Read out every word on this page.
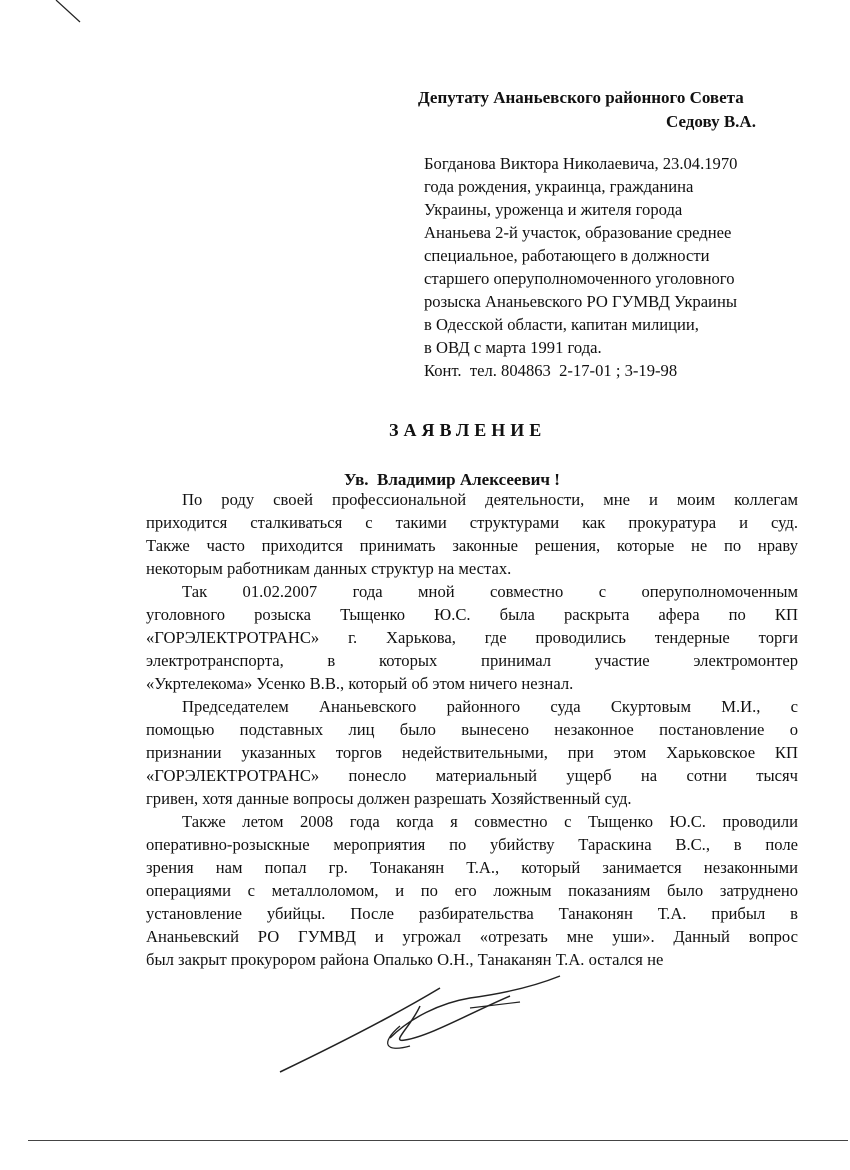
Депутату Ананьевского районного Совета
Седову В.А.
Богданова Виктора Николаевича, 23.04.1970
года рождения, украинца, гражданина
Украины, уроженца и жителя города
Ананьева 2-й участок, образование среднее
специальное, работающего в должности
старшего оперуполномоченного уголовного
розыска Ананьевского РО ГУМВД Украины
в Одесской области, капитан милиции,
в ОВД с марта 1991 года.
Конт.  тел. 804863  2-17-01 ; 3-19-98
ЗАЯВЛЕНИЕ
Ув.  Владимир Алексеевич !

По роду своей профессиональной деятельности, мне и моим коллегам
приходится сталкиваться с такими структурами как прокуратура и суд.
Также часто приходится принимать законные решения, которые не по нраву
некоторым работникам данных структур на местах.

Так 01.02.2007 года мной совместно с оперуполномоченным
уголовного розыска Тыщенко Ю.С. была раскрыта афера по КП
«ГОРЭЛЕКТРОТРАНС» г. Харькова, где проводились тендерные торги
электротранспорта, в которых принимал участие электромонтер
«Укртелекома» Усенко В.В., который об этом ничего незнал.

Председателем Ананьевского районного суда Скуртовым М.И., с
помощью подставных лиц было вынесено незаконное постановление о
признании указанных торгов недействительными, при этом Харьковское КП
«ГОРЭЛЕКТРОТРАНС» понесло материальный ущерб на сотни тысяч
гривен, хотя данные вопросы должен разрешать Хозяйственный суд.

Также летом 2008 года когда я совместно с Тыщенко Ю.С. проводили
оперативно-розыскные мероприятия по убийству Тараскина В.С., в поле
зрения нам попал гр. Тонаканян Т.А., который занимается незаконными
операциями с металлоломом, и по его ложным показаниям было затруднено
установление убийцы. После разбирательства Танаконян Т.А. прибыл в
Ананьевский РО ГУМВД и угрожал «отрезать мне уши». Данный вопрос
был закрыт прокурором района Опалько О.Н., Танаканян Т.А. остался не
